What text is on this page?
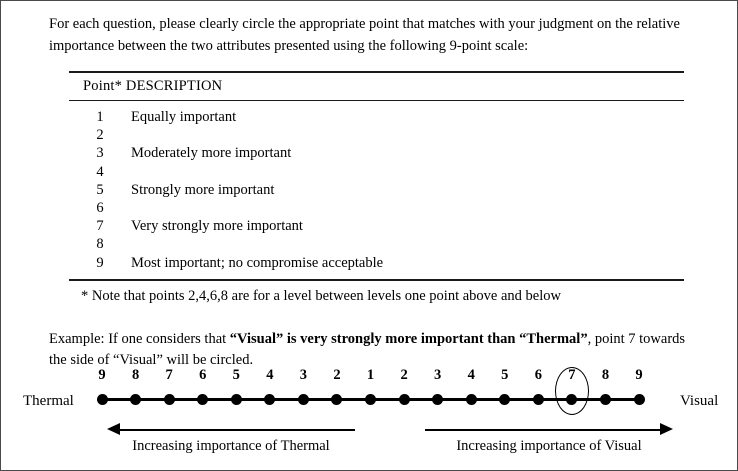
For each question, please clearly circle the appropriate point that matches with your judgment on the relative importance between the two attributes presented using the following 9-point scale:
Point* DESCRIPTION
1	Equally important
2
3	Moderately more important
4
5	Strongly more important
6
7	Very strongly more important
8
9	Most important; no compromise acceptable
* Note that points 2,4,6,8 are for a level between levels one point above and below
Example: If one considers that “Visual” is very strongly more important than “Thermal”, point 7 towards the side of “Visual” will be circled.
Thermal	Visual
9	8	7	6	5	4	3	2	1	2	3	4	5	6	7	8	9
Increasing importance of Thermal	Increasing importance of Visual
